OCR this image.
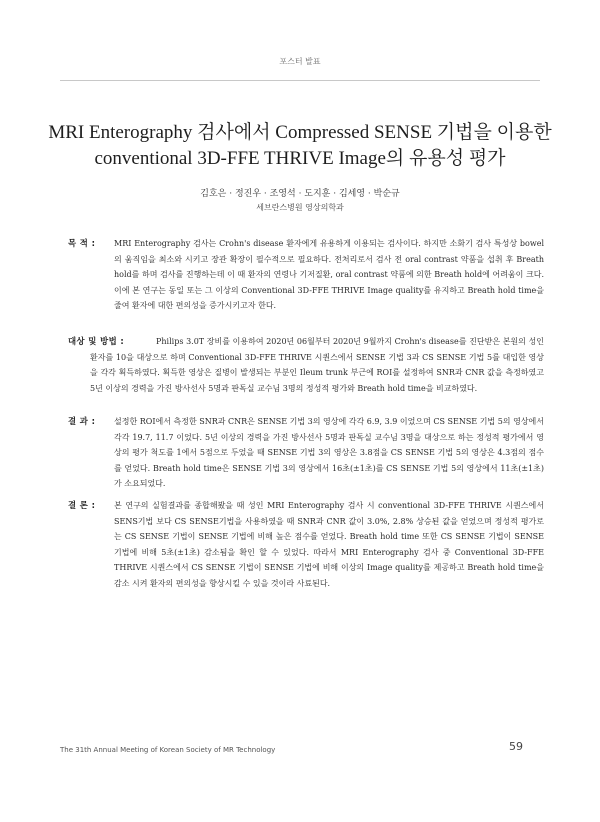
포스터 발표
MRI Enterography 검사에서 Compressed SENSE 기법을 이용한
conventional 3D-FFE THRIVE Image의 유용성 평가
김호은 · 정진우 · 조영석 · 도지훈 · 김세영 · 박순규
세브란스병원 영상의학과
목 적 :	MRI Enterography 검사는 Crohn's disease 환자에게 유용하게 이용되는 검사이다. 하지만 소화기 검사 특성상 bowel의 움직임을 최소와 시키고 장관 확장이 필수적으로 필요하다. 전처리로서 검사 전 oral contrast 약품을 섭취 후 Breath hold를 하며 검사를 진행하는데 이 때 환자의 연령나 기저질환, oral contrast 약품에 의한 Breath hold에 어려움이 크다. 이에 본 연구는 동일 또는 그 이상의 Conventional 3D-FFE THRIVE Image quality를 유지하고 Breath hold time을 줄여 환자에 대한 편의성을 증가시키고자 한다.
대상 및 방법 :	Philips 3.0T 장비를 이용하여 2020년 06월부터 2020년 9월까지 Crohn's disease를 진단받은 본원의 성인 환자를 10을 대상으로 하며 Conventional 3D-FFE THRIVE 시퀀스에서 SENSE 기법 3과 CS SENSE 기법 5를 대입한 영상을 각각 획득하였다. 획득한 영상은 질병이 발생되는 부분인 Ileum trunk 부근에 ROI를 설정하여 SNR과 CNR 값을 측정하였고 5년 이상의 경력을 가진 방사선사 5명과 판독실 교수님 3명의 정성적 평가와 Breath hold time을 비교하였다.
결 과 :	설정한 ROI에서 측정한 SNR과 CNR은 SENSE 기법 3의 영상에 각각 6.9, 3.9 이었으며 CS SENSE 기법 5의 영상에서 각각 19.7, 11.7 이었다. 5년 이상의 경력을 가진 방사선사 5명과 판독실 교수님 3명을 대상으로 하는 정성적 평가에서 영상의 평가 척도를 1에서 5점으로 두었을 때 SENSE 기법 3의 영상은 3.8점을 CS SENSE 기법 5의 영상은 4.3점의 점수를 얻었다. Breath hold time은 SENSE 기법 3의 영상에서 16초(±1초)를 CS SENSE 기법 5의 영상에서 11초(±1초)가 소요되었다.
결 론 :	본 연구의 실험결과를 종합해봤을 때 성인 MRI Enterography 검사 시 conventional 3D-FFE THRIVE 시퀀스에서 SENS기법 보다 CS SENSE기법을 사용하였을 때 SNR과 CNR 값이 3.0%, 2.8% 상승된 값을 얻었으며 정성적 평가로는 CS SENSE 기법이 SENSE 기법에 비해 높은 점수를 얻었다. Breath hold time 또한 CS SENSE 기법이 SENSE 기법에 비해 5초(±1초) 감소됨을 확인 할 수 있었다. 따라서 MRI Enterography 검사 중 Conventional 3D-FFE THRIVE 시퀀스에서 CS SENSE 기법이 SENSE 기법에 비해 이상의 Image quality를 제공하고 Breath hold time을 감소 시켜 환자의 편의성을 향상시킬 수 있을 것이라 사료된다.
The 31th Annual Meeting of Korean Society of MR Technology	59
